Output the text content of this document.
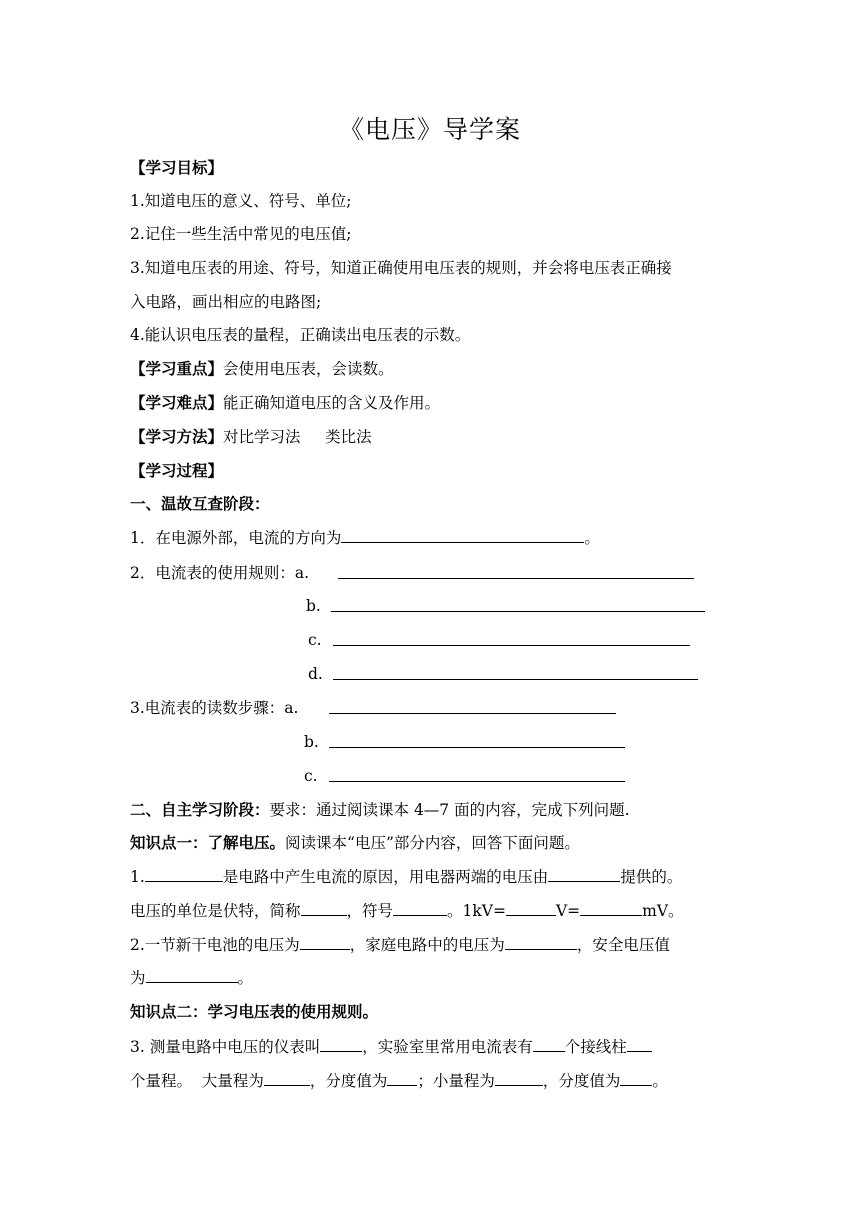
《电压》导学案
【学习目标】
1.知道电压的意义、符号、单位;
2.记住一些生活中常见的电压值;
3.知道电压表的用途、符号，知道正确使用电压表的规则，并会将电压表正确接
入电路，画出相应的电路图;
4.能认识电压表的量程，正确读出电压表的示数。
【学习重点】会使用电压表，会读数。
【学习难点】能正确知道电压的含义及作用。
【学习方法】对比学习法     类比法
【学习过程】
一、温故互查阶段：
1．在电源外部，电流的方向为	。
2．电流表的使用规则：a.
b.
c.
d.
3.电流表的读数步骤：a.
b.
c.
二、自主学习阶段：要求：通过阅读课本 4—7 面的内容，完成下列问题.
知识点一：了解电压。阅读课本“电压”部分内容，回答下面问题。
1.	是电路中产生电流的原因，用电器两端的电压由	提供的。
电压的单位是伏特，简称	，符号	。1kV=	V=	mV。
2.一节新干电池的电压为	，家庭电路中的电压为	，安全电压值
为	。
知识点二：学习电压表的使用规则。
3. 测量电路中电压的仪表叫	，实验室里常用电流表有 个接线柱
个量程。  大量程为	，分度值为 ；小量程为	，分度值为 。
